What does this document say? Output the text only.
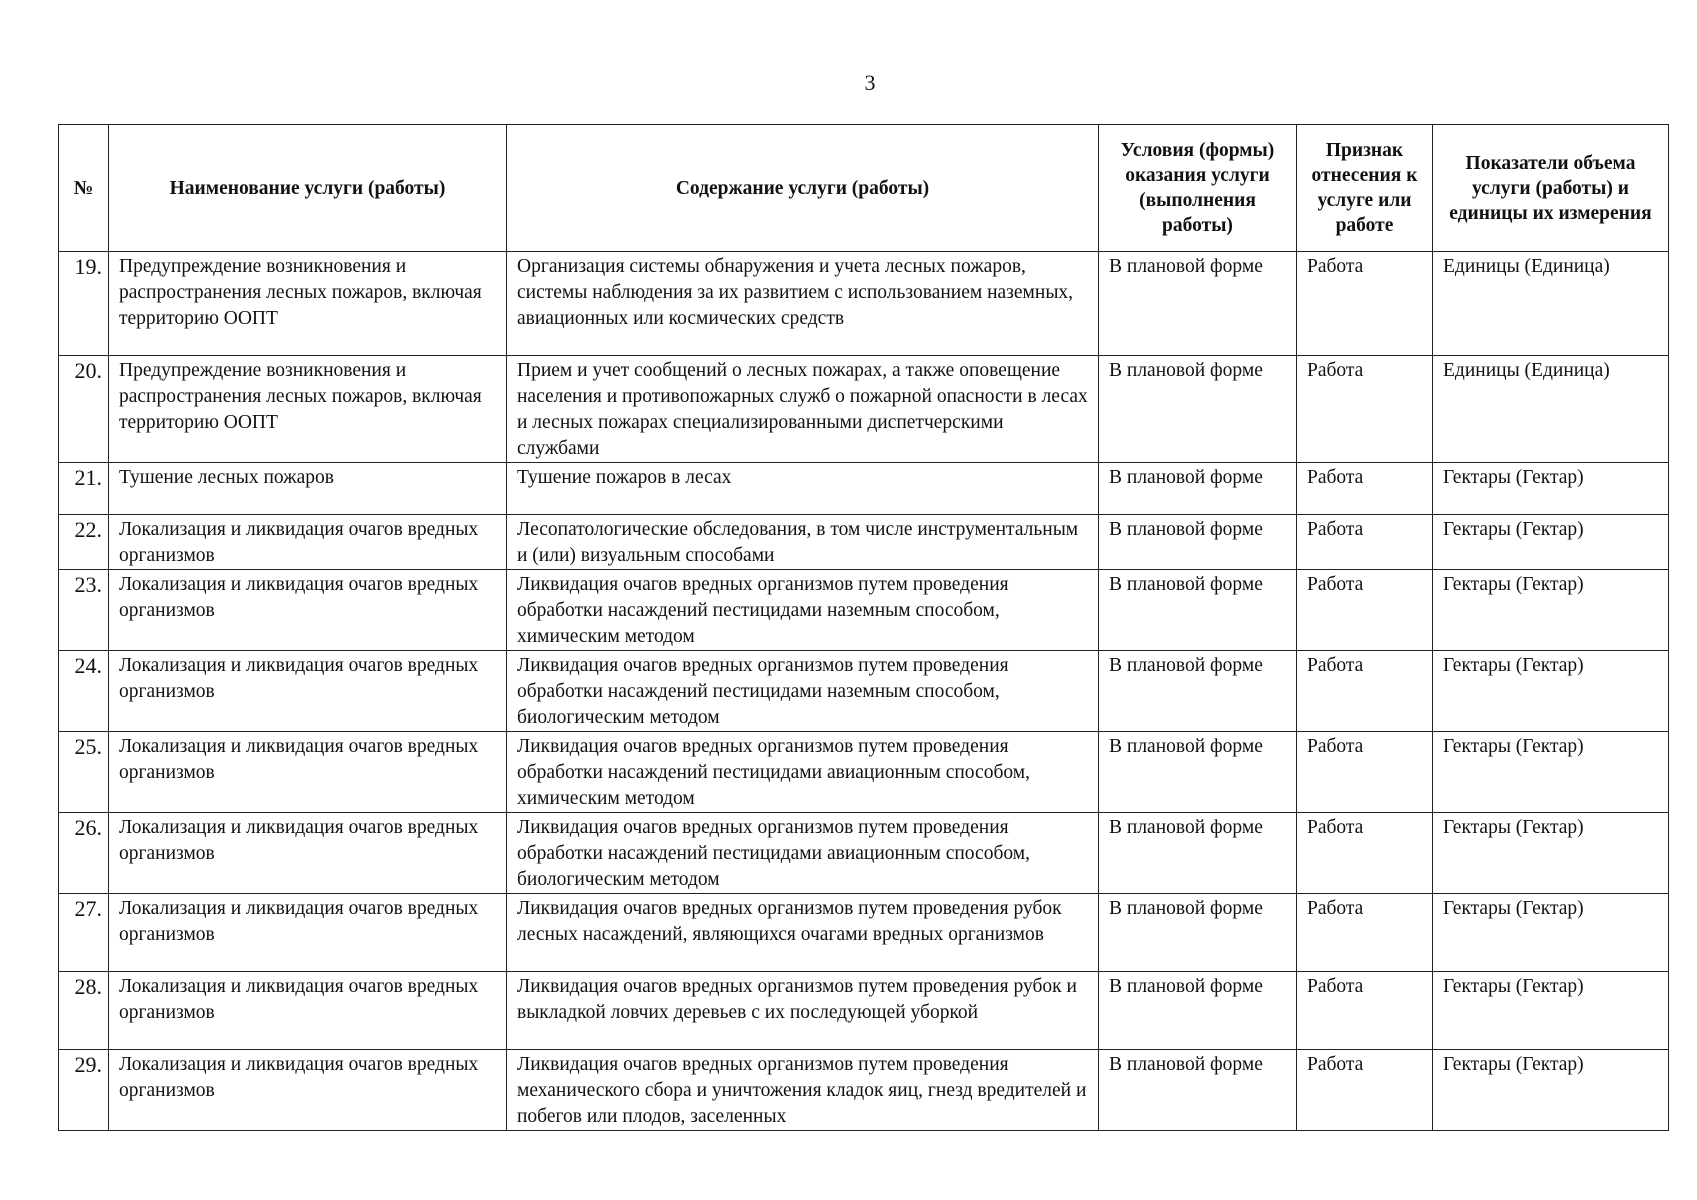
3
№	Наименование услуги (работы)	Содержание услуги (работы)	Условия (формы) оказания услуги (выполнения работы)	Признак отнесения к услуге или работе	Показатели объема услуги (работы) и единицы их измерения
19.	Предупреждение возникновения и распространения лесных пожаров, включая территорию ООПТ	Организация системы обнаружения и учета лесных пожаров, системы наблюдения за их развитием с использованием наземных, авиационных или космических средств	В плановой форме	Работа	Единицы (Единица)
20.	Предупреждение возникновения и распространения лесных пожаров, включая территорию ООПТ	Прием и учет сообщений о лесных пожарах, а также оповещение населения и противопожарных служб о пожарной опасности в лесах и лесных пожарах специализированными диспетчерскими службами	В плановой форме	Работа	Единицы (Единица)
21.	Тушение лесных пожаров	Тушение пожаров в лесах	В плановой форме	Работа	Гектары (Гектар)
22.	Локализация и ликвидация очагов вредных организмов	Лесопатологические обследования, в том числе инструментальным и (или) визуальным способами	В плановой форме	Работа	Гектары (Гектар)
23.	Локализация и ликвидация очагов вредных организмов	Ликвидация очагов вредных организмов путем проведения обработки насаждений пестицидами наземным способом, химическим методом	В плановой форме	Работа	Гектары (Гектар)
24.	Локализация и ликвидация очагов вредных организмов	Ликвидация очагов вредных организмов путем проведения обработки насаждений пестицидами наземным способом, биологическим методом	В плановой форме	Работа	Гектары (Гектар)
25.	Локализация и ликвидация очагов вредных организмов	Ликвидация очагов вредных организмов путем проведения обработки насаждений пестицидами авиационным способом, химическим методом	В плановой форме	Работа	Гектары (Гектар)
26.	Локализация и ликвидация очагов вредных организмов	Ликвидация очагов вредных организмов путем проведения обработки насаждений пестицидами авиационным способом, биологическим методом	В плановой форме	Работа	Гектары (Гектар)
27.	Локализация и ликвидация очагов вредных организмов	Ликвидация очагов вредных организмов путем проведения рубок лесных насаждений, являющихся очагами вредных организмов	В плановой форме	Работа	Гектары (Гектар)
28.	Локализация и ликвидация очагов вредных организмов	Ликвидация очагов вредных организмов путем проведения рубок и выкладкой ловчих деревьев с их последующей уборкой	В плановой форме	Работа	Гектары (Гектар)
29.	Локализация и ликвидация очагов вредных организмов	Ликвидация очагов вредных организмов путем проведения механического сбора и уничтожения кладок яиц, гнезд вредителей и побегов или плодов, заселенных	В плановой форме	Работа	Гектары (Гектар)
